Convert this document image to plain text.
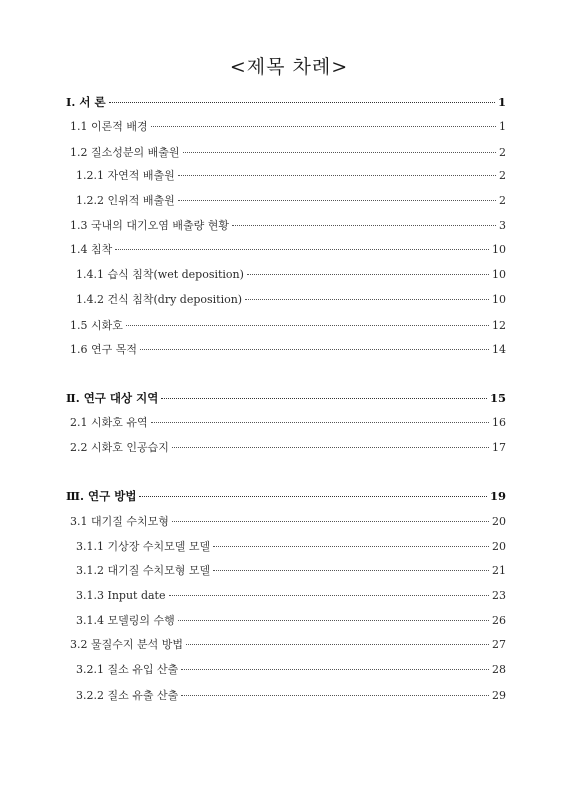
<제목 차례>
Ⅰ. 서 론	1
1.1 이론적 배경	1
1.2 질소성분의 배출원	2
1.2.1 자연적 배출원	2
1.2.2 인위적 배출원	2
1.3 국내의 대기오염 배출량 현황	3
1.4 침착	10
1.4.1 습식 침착(wet deposition)	10
1.4.2 건식 침착(dry deposition)	10
1.5 시화호	12
1.6 연구 목적	14
Ⅱ. 연구 대상 지역	15
2.1 시화호 유역	16
2.2 시화호 인공습지	17
Ⅲ. 연구 방법	19
3.1 대기질 수치모형	20
3.1.1 기상장 수치모델 모델	20
3.1.2 대기질 수치모형 모델	21
3.1.3 Input date	23
3.1.4 모델링의 수행	26
3.2 물질수지 분석 방법	27
3.2.1 질소 유입 산출	28
3.2.2 질소 유출 산출	29
